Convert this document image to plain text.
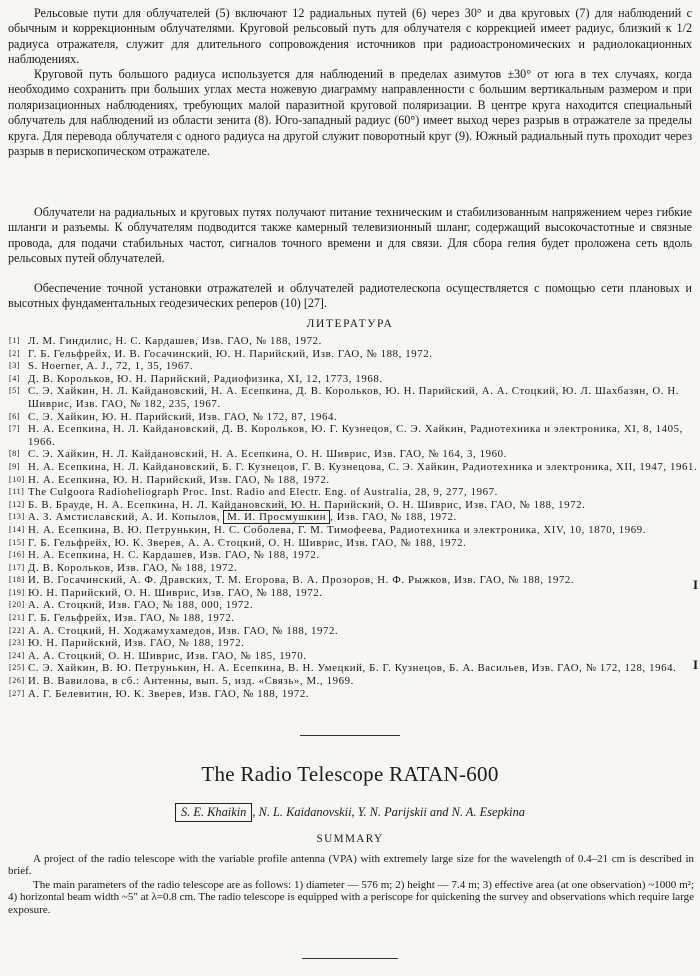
Рельсовые пути для облучателей (5) включают 12 радиальных путей (6) через 30° и два круговых (7) для наблюдений с обычным и коррекционным облучателями. Круговой рельсовый путь для облучателя с коррекцией имеет радиус, близкий к 1/2 радиуса отражателя, служит для длительного сопровождения источников при радиоастрономических и радиолокационных наблюдениях.

Круговой путь большого радиуса используется для наблюдений в пределах азимутов ±30° от юга в тех случаях, когда необходимо сохранить при больших углах места ножевую диаграмму направленности с большим вертикальным размером и при поляризационных наблюдениях, требующих малой паразитной круговой поляризации. В центре круга находится специальный облучатель для наблюдений из области зенита (8). Юго-западный радиус (60°) имеет выход через разрыв в отражателе за пределы круга. Для перевода облучателя с одного радиуса на другой служит поворотный круг (9). Южный радиальный путь проходит через разрыв в перископическом отражателе.

Облучатели на радиальных и круговых путях получают питание техническим и стабилизованным напряжением через гибкие шланги и разъемы. К облучателям подводится также камерный телевизионный шланг, содержащий высокочастотные и связные провода, для подачи стабильных частот, сигналов точного времени и для связи. Для сбора гелия будет проложена сеть вдоль рельсовых путей облучателей.

Обеспечение точной установки отражателей и облучателей радиотелескопа осуществляется с помощью сети плановых и высотных фундаментальных геодезических реперов (10) [27].

ЛИТЕРАТУРА
[1] Л. М. Гиндилис, Н. С. Кардашев, Изв. ГАО, № 188, 1972.
[2] Г. Б. Гельфрейх, И. В. Госачинский, Ю. Н. Парийский, Изв. ГАО, № 188, 1972.
[3] S. Hoerner, A. J., 72, 1, 35, 1967.
[4] Д. В. Корольков, Ю. Н. Парийский, Радиофизика, XI, 12, 1773, 1968.
[5] С. Э. Хайкин, Н. Л. Кайдановский, Н. А. Есепкина, Д. В. Корольков, Ю. Н. Парийский, А. А. Стоцкий, Ю. Л. Шахбазян, О. Н. Шиврис, Изв. ГАО, № 182, 235, 1967.
[6] С. Э. Хайкин, Ю. Н. Парийский, Изв. ГАО, № 172, 87, 1964.
[7] Н. А. Есепкина, Н. Л. Кайдановский, Д. В. Корольков, Ю. Г. Кузнецов, С. Э. Хайкин, Радиотехника и электроника, XI, 8, 1405, 1966.
[8] С. Э. Хайкин, Н. Л. Кайдановский, Н. А. Есепкина, О. Н. Шиврис, Изв. ГАО, № 164, 3, 1960.
[9] Н. А. Есепкина, Н. Л. Кайдановский, Б. Г. Кузнецов, Г. В. Кузнецова, С. Э. Хайкин, Радиотехника и электроника, XII, 1947, 1961.
[10] Н. А. Есепкина, Ю. Н. Парийский, Изв. ГАО, № 188, 1972.
[11] The Culgoora Radioheliograph Proc. Inst. Radio and Electr. Eng. of Australia, 28, 9, 277, 1967.
[12] Б. В. Брауде, Н. А. Есепкина, Н. Л. Кайдановский, Ю. Н. Парийский, О. Н. Шиврис, Изв. ГАО, № 188, 1972.
[13] А. З. Амстиславский, А. И. Копылов, М. И. Просмушкин , Изв. ГАО, № 188, 1972.
[14] Н. А. Есепкина, В. Ю. Петрунькин, Н. С. Соболева, Г. М. Тимофеева, Радиотехника и электроника, XIV, 10, 1870, 1969.
[15] Г. Б. Гельфрейх, Ю. К. Зверев, А. А. Стоцкий, О. Н. Шиврис, Изв. ГАО, № 188, 1972.
[16] Н. А. Есепкина, Н. С. Кардашев, Изв. ГАО, № 188, 1972.
[17] Д. В. Корольков, Изв. ГАО, № 188, 1972.
[18] И. В. Госачинский, А. Ф. Дравских, Т. М. Егорова, В. А. Прозоров, Н. Ф. Рыжков, Изв. ГАО, № 188, 1972.
[19] Ю. Н. Парийский, О. Н. Шиврис, Изв. ГАО, № 188, 1972.
[20] А. А. Стоцкий, Изв. ГАО, № 188, 000, 1972.
[21] Г. Б. Гельфрейх, Изв. ГАО, № 188, 1972.
[22] А. А. Стоцкий, Н. Ходжамухамедов, Изв. ГАО, № 188, 1972.
[23] Ю. Н. Парийский, Изв. ГАО, № 188, 1972.
[24] А. А. Стоцкий, О. Н. Шиврис, Изв. ГАО, № 185, 1970.
[25] С. Э. Хайкин, В. Ю. Петрунькин, Н. А. Есепкина, В. Н. Умецкий, Б. Г. Кузнецов, Б. А. Васильев, Изв. ГАО, № 172, 128, 1964.
[26] И. В. Вавилова, в сб.: Антенны, вып. 5, изд. «Связь», М., 1969.
[27] А. Г. Белевитин, Ю. К. Зверев, Изв. ГАО, № 188, 1972.
I
I
The Radio Telescope RATAN-600
S. E. Khaikin , N. L. Kaidanovskii, Y. N. Parijskii and N. A. Esepkina
SUMMARY

A project of the radio telescope with the variable profile antenna (VPA) with extremely large size for the wavelength of 0.4–21 cm is described in brief.

The main parameters of the radio telescope are as follows: 1) diameter — 576 m; 2) height — 7.4 m; 3) effective area (at one observation) ~1000 m²; 4) horizontal beam width ~5″ at λ=0.8 cm. The radio telescope is equipped with a periscope for quickening the survey and observations which require large exposure.
